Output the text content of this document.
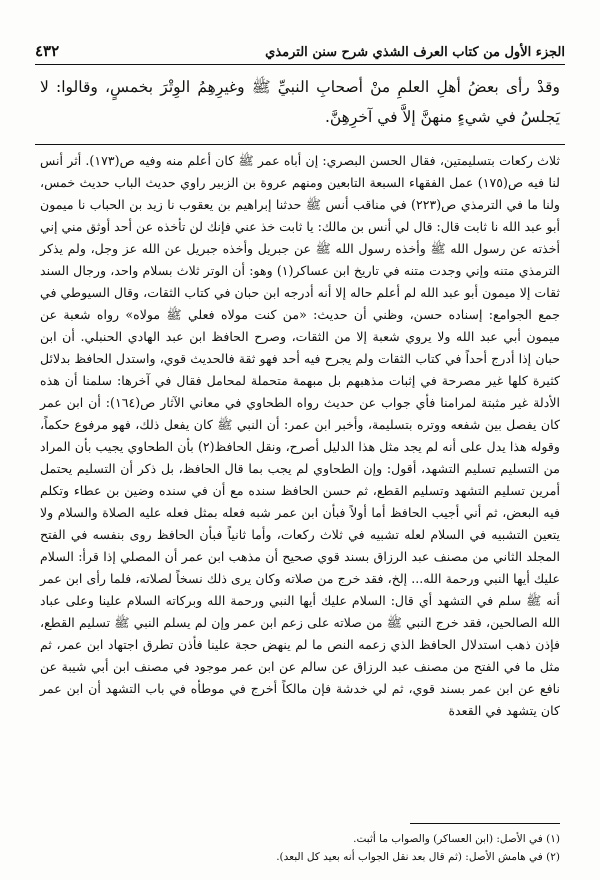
الجزء الأول من كتاب العرف الشذي شرح سنن الترمذي
٤٣٢
وقدْ رأى بعضُ أهلِ العلمِ منْ أصحابِ النبيِّ ﷺ وغيرِهِمُ الوِتْرَ بخمسٍ، وقالوا: لا يَجلسُ في شيءٍ منهنَّ إلاَّ في آخرِهِنَّ.
ثلاث ركعات بتسليمتين، فقال الحسن البصري: إن أباه عمر ﷺ كان أعلم منه وفيه ص(١٧٣). أثر أنس لنا فيه ص(١٧٥) عمل الفقهاء السبعة التابعين ومنهم عروة بن الزبير راوي حديث الباب حديث خمس، ولنا ما في الترمذي ص(٢٢٣) في مناقب أنس ﷺ حدثنا إبراهيم بن يعقوب نا زيد بن الحباب نا ميمون أبو عبد الله نا ثابت قال: قال لي أنس بن مالك: يا ثابت خذ عني فإنك لن تأخذه عن أحد أوثق مني إني أخذته عن رسول الله ﷺ وأخذه رسول الله ﷺ عن جبريل وأخذه جبريل عن الله عز وجل، ولم يذكر الترمذي متنه وإني وجدت متنه في تاريخ ابن عساكر(١) وهو: أن الوتر ثلاث بسلام واحد، ورجال السند ثقات إلا ميمون أبو عبد الله لم أعلم حاله إلا أنه أدرجه ابن حبان في كتاب الثقات، وقال السيوطي في جمع الجوامع: إسناده حسن، وظني أن حديث: «من كنت مولاه فعلي ﷺ مولاه» رواه شعبة عن ميمون أبي عبد الله ولا يروي شعبة إلا من الثقات، وصرح الحافظ ابن عبد الهادي الحنبلي. أن ابن حبان إذا أدرج أحداً في كتاب الثقات ولم يجرح فيه أحد فهو ثقة فالحديث قوي، واستدل الحافظ بدلائل كثيرة كلها غير مصرحة في إثبات مذهبهم بل مبهمة متحملة لمحامل فقال في آخرها: سلمنا أن هذه الأدلة غير مثبتة لمرامنا فأي جواب عن حديث رواه الطحاوي في معاني الآثار ص(١٦٤): أن ابن عمر كان يفصل بين شفعه ووتره بتسليمة، وأخبر ابن عمر: أن النبي ﷺ كان يفعل ذلك، فهو مرفوع حكماً، وقوله هذا يدل على أنه لم يجد مثل هذا الدليل أصرح، ونقل الحافظ(٢) بأن الطحاوي يجيب بأن المراد من التسليم تسليم التشهد، أقول: وإن الطحاوي لم يجب بما قال الحافظ، بل ذكر أن التسليم يحتمل أمرين تسليم التشهد وتسليم القطع، ثم حسن الحافظ سنده مع أن في سنده وضين بن عطاء وتكلم فيه البعض، ثم أني أجيب الحافظ أما أولاً فبأن ابن عمر شبه فعله بمثل فعله عليه الصلاة والسلام ولا يتعين التشبيه في السلام لعله تشبيه في ثلاث ركعات، وأما ثانياً فبأن الحافظ روى بنفسه في الفتح المجلد الثاني من مصنف عبد الرزاق بسند قوي صحيح أن مذهب ابن عمر أن المصلي إذا قرأ: السلام عليك أيها النبي ورحمة الله... إلخ، فقد خرج من صلاته وكان يرى ذلك نسخاً لصلاته، فلما رأى ابن عمر أنه ﷺ سلم في التشهد أي قال: السلام عليك أيها النبي ورحمة الله وبركاته السلام علينا وعلى عباد الله الصالحين، فقد خرج النبي ﷺ من صلاته على زعم ابن عمر وإن لم يسلم النبي ﷺ تسليم القطع، فإذن ذهب استدلال الحافظ الذي زعمه النص ما لم ينهض حجة علينا فأذن تطرق اجتهاد ابن عمر، ثم مثل ما في الفتح من مصنف عبد الرزاق عن سالم عن ابن عمر موجود في مصنف ابن أبي شيبة عن نافع عن ابن عمر بسند قوي، ثم لي خدشة فإن مالكاً أخرج في موطأه في باب التشهد أن ابن عمر كان يتشهد في القعدة
(١) في الأصل: (ابن العساكر) والصواب ما أثبت.
(٢) في هامش الأصل: (ثم قال بعد نقل الجواب أنه بعيد كل البعد).
